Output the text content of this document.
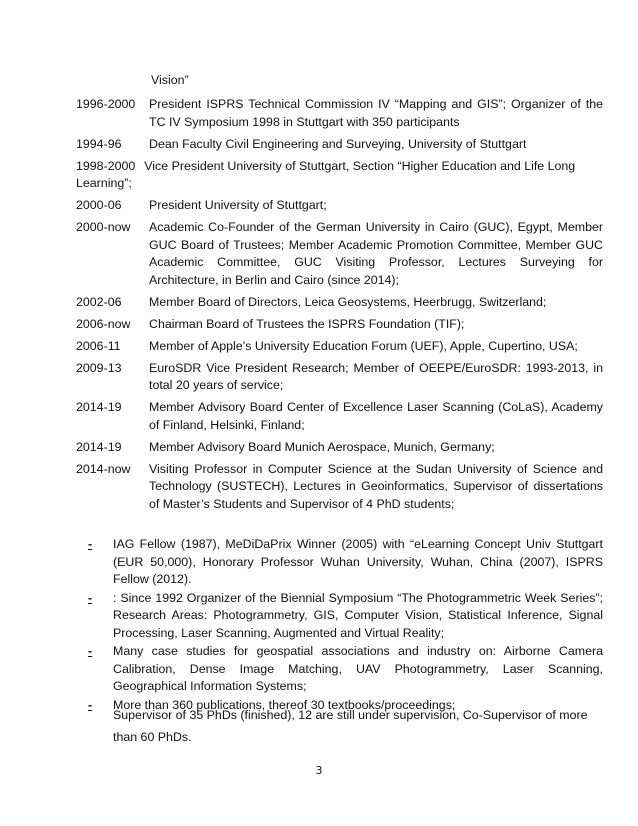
Vision”
1996-2000	President ISPRS Technical Commission IV “Mapping and GIS”; Organizer of the TC IV Symposium 1998 in Stuttgart with 350 participants
1994-96	Dean Faculty Civil Engineering and Surveying, University of Stuttgart
1998-2000 Vice President University of Stuttgart, Section “Higher Education and Life Long Learning”;
2000-06	President University of Stuttgart;
2000-now	Academic Co-Founder of the German University in Cairo (GUC), Egypt, Member GUC Board of Trustees; Member Academic Promotion Committee, Member GUC Academic Committee, GUC Visiting Professor, Lectures Surveying for Architecture, in Berlin and Cairo (since 2014);
2002-06	Member Board of Directors, Leica Geosystems, Heerbrugg, Switzerland;
2006-now	Chairman Board of Trustees the ISPRS Foundation (TIF);
2006-11	Member of Apple’s University Education Forum (UEF), Apple, Cupertino, USA;
2009-13	EuroSDR Vice President Research; Member of OEEPE/EuroSDR: 1993-2013, in total 20 years of service;
2014-19	Member Advisory Board Center of Excellence Laser Scanning (CoLaS), Academy of Finland, Helsinki, Finland;
2014-19	Member Advisory Board Munich Aerospace, Munich, Germany;
2014-now	Visiting Professor in Computer Science at the Sudan University of Science and Technology (SUSTECH), Lectures in Geoinformatics, Supervisor of dissertations of Master’s Students and Supervisor of 4 PhD students;
-	IAG Fellow (1987), MeDiDaPrix Winner (2005) with “eLearning Concept Univ Stuttgart (EUR 50,000), Honorary Professor Wuhan University, Wuhan, China (2007), ISPRS Fellow (2012).
-	: Since 1992 Organizer of the Biennial Symposium “The Photogrammetric Week Series”; Research Areas: Photogrammetry, GIS, Computer Vision, Statistical Inference, Signal Processing, Laser Scanning, Augmented and Virtual Reality;
-	Many case studies for geospatial associations and industry on: Airborne Camera Calibration, Dense Image Matching, UAV Photogrammetry, Laser Scanning, Geographical Information Systems;
-	More than 360 publications, thereof 30 textbooks/proceedings;
Supervisor of 35 PhDs (finished), 12 are still under supervision, Co-Supervisor of more
than 60 PhDs.
3
